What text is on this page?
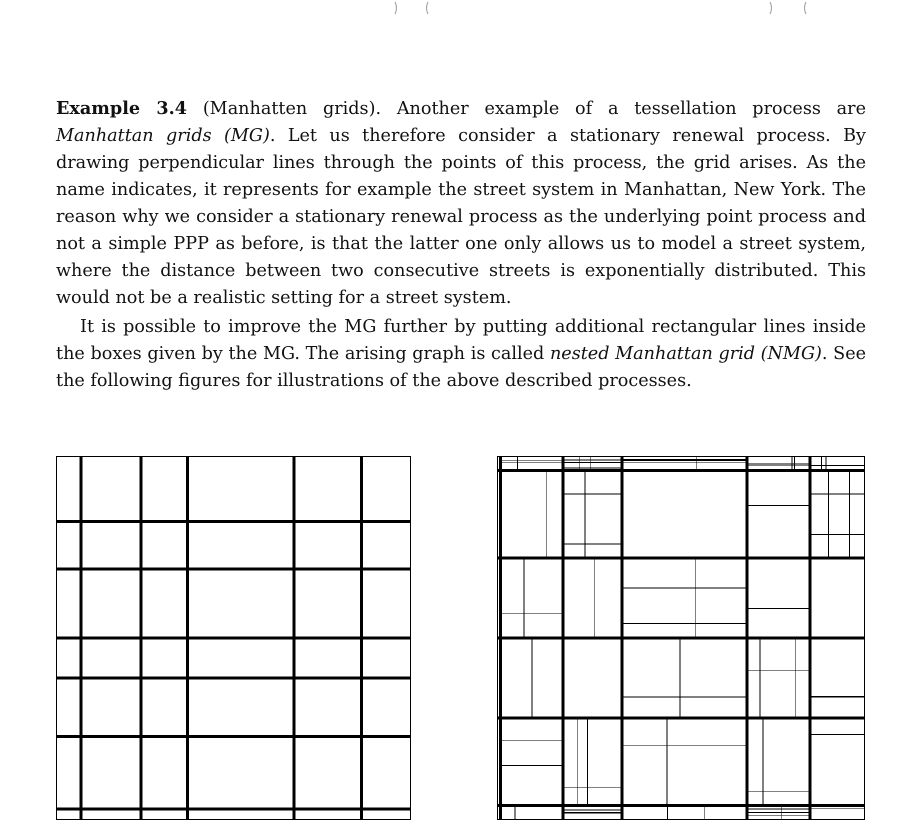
Example 3.4 (Manhatten grids). Another example of a tessellation process are Manhattan grids (MG). Let us therefore consider a stationary renewal process. By drawing perpendicular lines through the points of this process, the grid arises. As the name indicates, it represents for example the street system in Manhattan, New York. The reason why we consider a stationary renewal process as the underlying point process and not a simple PPP as before, is that the latter one only allows us to model a street system, where the distance between two consecutive streets is exponentially distributed. This would not be a realistic setting for a street system.

It is possible to improve the MG further by putting additional rectangular lines inside the boxes given by the MG. The arising graph is called nested Manhattan grid (NMG). See the following figures for illustrations of the above described processes.
